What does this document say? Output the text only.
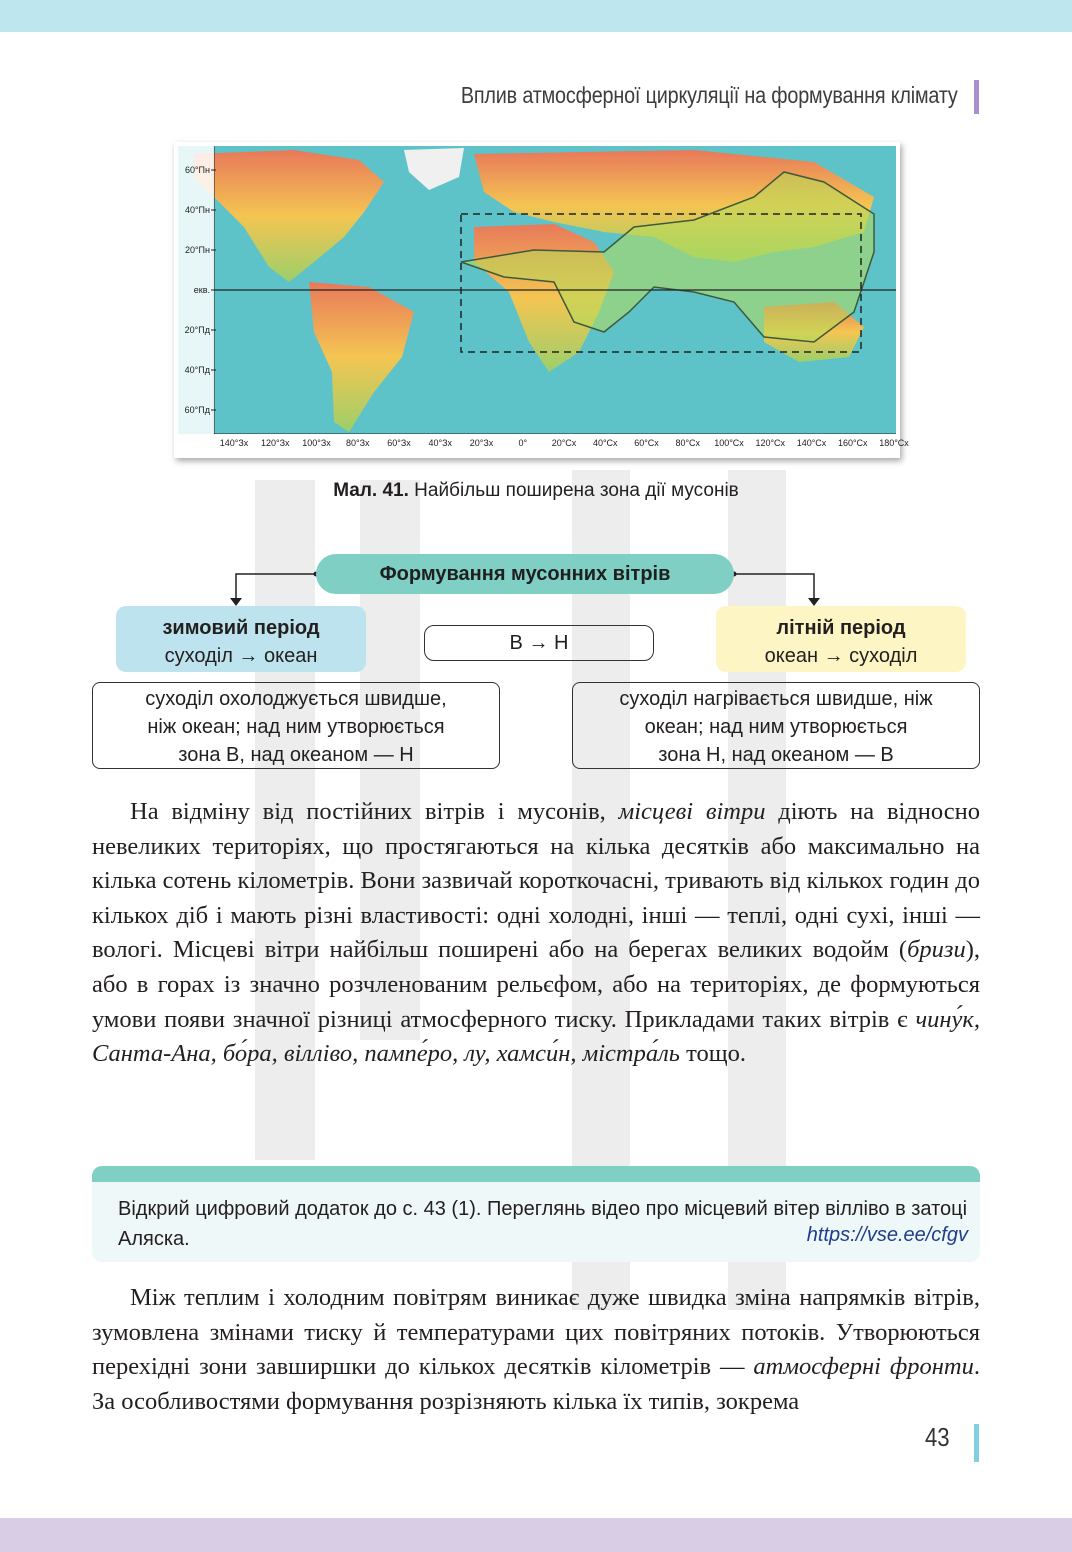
Вплив атмосферної циркуляції на формування клімату
60°Пн
40°Пн
20°Пн
екв.
20°Пд
40°Пд
60°Пд
140°Зх 120°Зх 100°Зх 80°Зх 60°Зх 40°Зх 20°Зх	0°	20°Сх 40°Сх 60°Сх 80°Сх 100°Сх 120°Сх 140°Сх 160°Сх 180°Сх
Мал. 41. Найбільш поширена зона дії мусонів
Формування мусонних вітрів
зимовий період
суходіл → океан
В → Н
літній період
океан → суходіл
суходіл охолоджується швидше,
ніж океан; над ним утворюється
зона В, над океаном — Н
суходіл нагрівається швидше, ніж
океан; над ним утворюється
зона Н, над океаном — В

На відміну від постійних вітрів і мусонів, місцеві вітри діють на відносно невеликих територіях, що простягаються на кілька десятків або максимально на кілька сотень кілометрів. Вони зазвичай короткочасні, тривають від кількох годин до кількох діб і мають різні властивості: одні холодні, інші — теплі, одні сухі, інші — вологі. Місцеві вітри найбільш поширені або на берегах великих водойм (бризи), або в горах із значно розчленованим рельєфом, або на територіях, де формуються умови появи значної різниці атмосферного тиску. Прикладами таких вітрів є чину́к, Санта-Ана, бо́ра, вілліво, пампе́ро, лу, хамси́н, містра́ль тощо.

Відкрий цифровий додаток до с. 43 (1). Переглянь відео про місцевий вітер вілліво в затоці Аляска.	https://vse.ee/cfgv

Між теплим і холодним повітрям виникає дуже швидка зміна напрямків вітрів, зумовлена змінами тиску й температурами цих повітряних потоків. Утворюються перехідні зони завширшки до кількох десятків кілометрів — атмосферні фронти. За особливостями формування розрізняють кілька їх типів, зокрема

43
